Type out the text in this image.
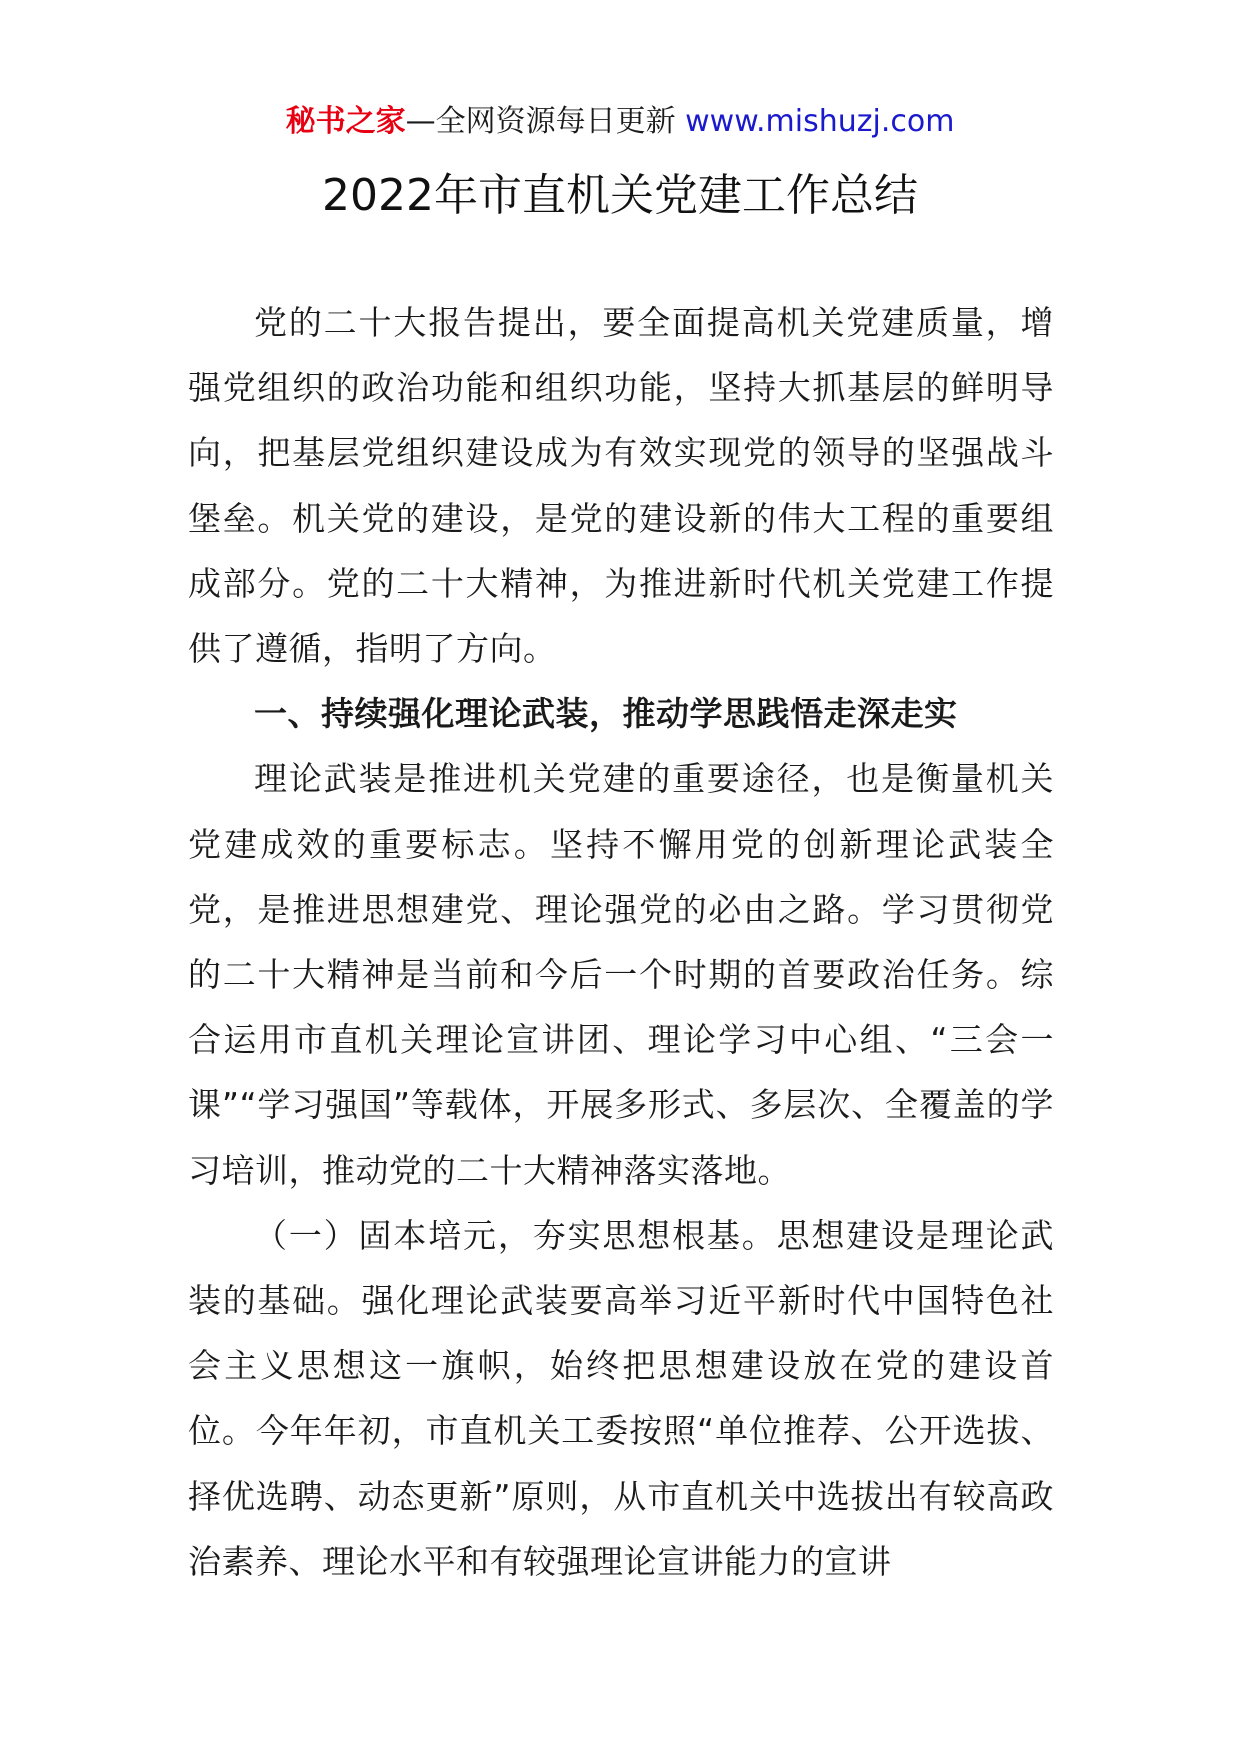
秘书之家—全网资源每日更新 www.mishuzj.com
2022年市直机关党建工作总结

党的二十大报告提出，要全面提高机关党建质量，增强党组织的政治功能和组织功能，坚持大抓基层的鲜明导向，把基层党组织建设成为有效实现党的领导的坚强战斗堡垒。机关党的建设，是党的建设新的伟大工程的重要组成部分。党的二十大精神，为推进新时代机关党建工作提供了遵循，指明了方向。

一、持续强化理论武装，推动学思践悟走深走实

理论武装是推进机关党建的重要途径，也是衡量机关党建成效的重要标志。坚持不懈用党的创新理论武装全党，是推进思想建党、理论强党的必由之路。学习贯彻党的二十大精神是当前和今后一个时期的首要政治任务。综合运用市直机关理论宣讲团、理论学习中心组、“三会一课”“学习强国”等载体，开展多形式、多层次、全覆盖的学习培训，推动党的二十大精神落实落地。

（一）固本培元，夯实思想根基。思想建设是理论武装的基础。强化理论武装要高举习近平新时代中国特色社会主义思想这一旗帜，始终把思想建设放在党的建设首位。今年年初，市直机关工委按照“单位推荐、公开选拔、择优选聘、动态更新”原则，从市直机关中选拔出有较高政治素养、理论水平和有较强理论宣讲能力的宣讲
